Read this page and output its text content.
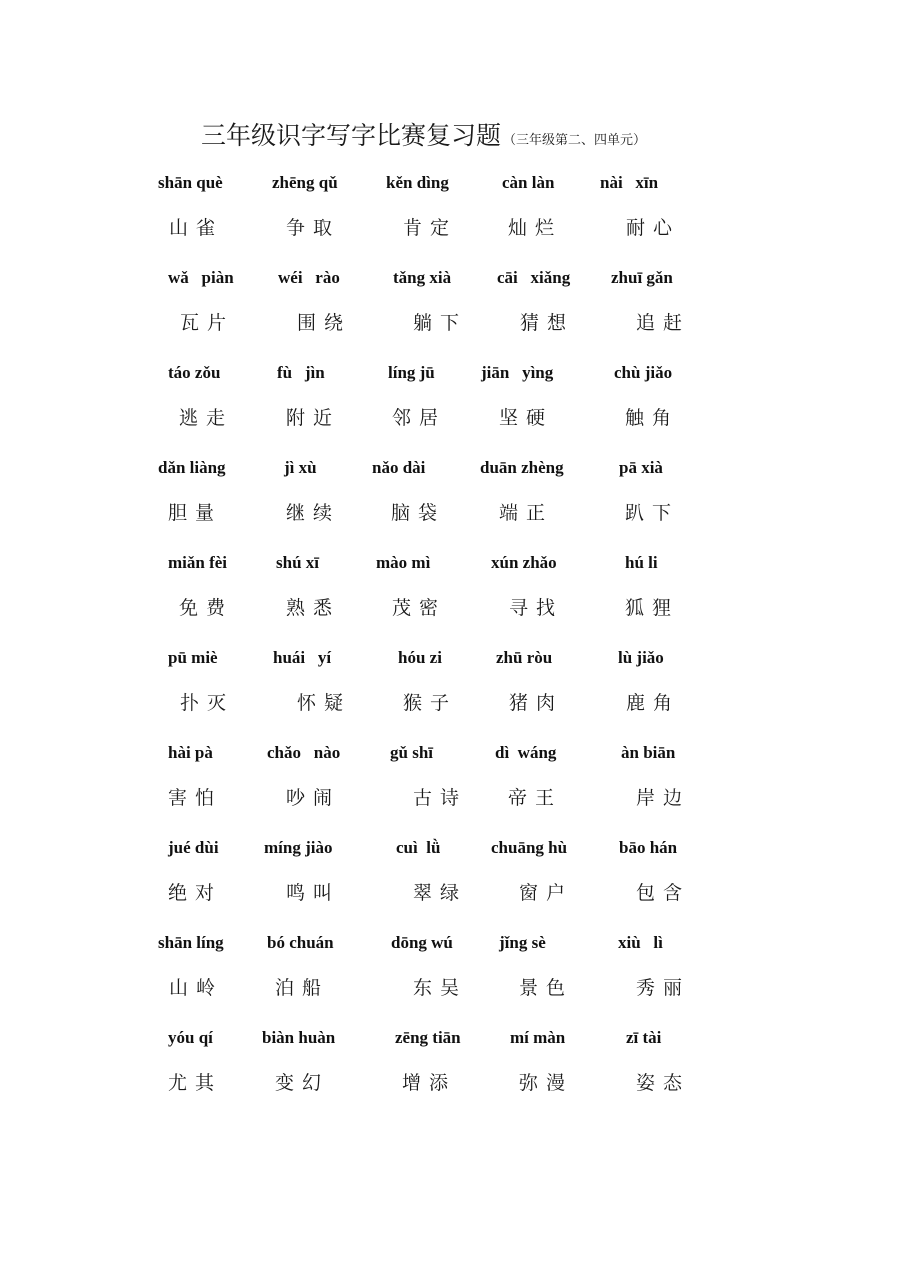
三年级识字写字比赛复习题 （三年级第二、四单元）
shān què
山 雀
zhēng qǔ
争 取
kěn dìng
肯 定
càn làn
灿 烂
nài   xīn
耐 心
wǎ   piàn
瓦 片
wéi   rào
围 绕
tǎng xià
躺 下
cāi   xiǎng
猜 想
zhuī gǎn
追 赶
táo zǒu
逃 走
fù   jìn
附 近
líng jū
邻 居
jiān   yìng
坚 硬
chù jiǎo
触 角
dǎn liàng
胆 量
jì xù
继 续
nǎo dài
脑 袋
duān zhèng
端 正
pā xià
趴 下
miǎn fèi
免 费
shú xī
熟 悉
mào mì
茂 密
xún zhǎo
寻 找
hú li
狐 狸
pū miè
扑 灭
huái   yí
怀 疑
hóu zi
猴 子
zhū ròu
猪 肉
lù jiǎo
鹿 角
hài pà
害 怕
chǎo   nào
吵 闹
gǔ shī
古 诗
dì  wáng
帝 王
àn biān
岸 边
jué dùi
绝 对
míng jiào
鸣 叫
cuì  lǜ
翠 绿
chuāng hù
窗 户
bāo hán
包 含
shān líng
山 岭
bó chuán
泊 船
dōng wú
东 吴
jǐng sè
景 色
xiù   lì
秀 丽
yóu qí
尤 其
biàn huàn
变 幻
zēng tiān
增 添
mí màn
弥 漫
zī tài
姿 态
